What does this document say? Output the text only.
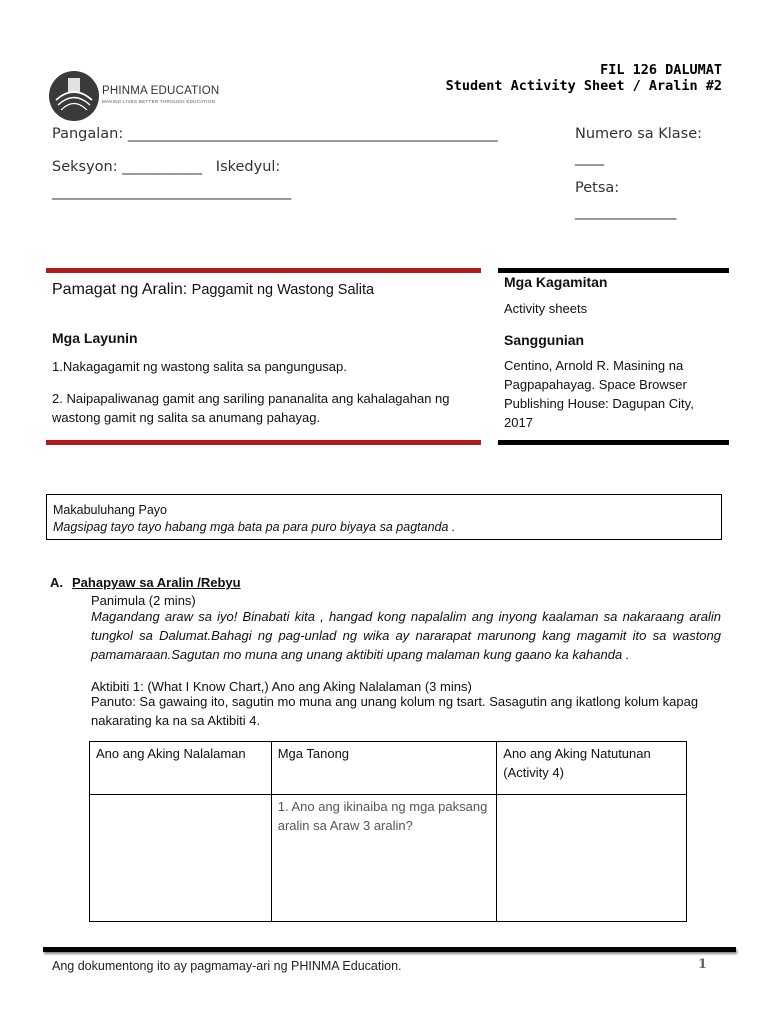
PHINMA EDUCATION
MAKING LIVES BETTER THROUGH EDUCATION
FIL 126 DALUMAT
Student Activity Sheet / Aralin #2
Pangalan: ___________________________________________________	Numero sa Klase:
____
Seksyon: ___________ Iskedyul:
_________________________________	Petsa:
______________
Pamagat ng Aralin: Paggamit ng Wastong Salita
Mga Layunin
1.Nakagagamit ng wastong salita sa pangungusap.
2. Naipapaliwanag gamit ang sariling pananalita ang kahalagahan ng wastong gamit ng salita sa anumang pahayag.
Mga Kagamitan
Activity sheets
Sanggunian
Centino, Arnold R. Masining na Pagpapahayag. Space Browser Publishing House: Dagupan City, 2017
Makabuluhang Payo
Magsipag tayo tayo habang mga bata pa para puro biyaya sa pagtanda .
A. Pahapyaw sa Aralin /Rebyu
Panimula (2 mins)
Magandang araw sa iyo! Binabati kita , hangad kong napalalim ang inyong kaalaman sa nakaraang aralin tungkol sa Dalumat.Bahagi ng pag-unlad ng wika ay nararapat marunong kang magamit ito sa wastong pamamaraan.Sagutan mo muna ang unang aktibiti upang malaman kung gaano ka kahanda .
Aktibiti 1: (What I Know Chart,) Ano ang Aking Nalalaman (3 mins)
Panuto: Sa gawaing ito, sagutin mo muna ang unang kolum ng tsart. Sasagutin ang ikatlong kolum kapag nakarating ka na sa Aktibiti 4.
Ano ang Aking Nalalaman	Mga Tanong	Ano ang Aking Natutunan (Activity 4)
	1. Ano ang ikinaiba ng mga paksang aralin sa Araw 3 aralin?	
Ang dokumentong ito ay pagmamay-ari ng PHINMA Education.	1
